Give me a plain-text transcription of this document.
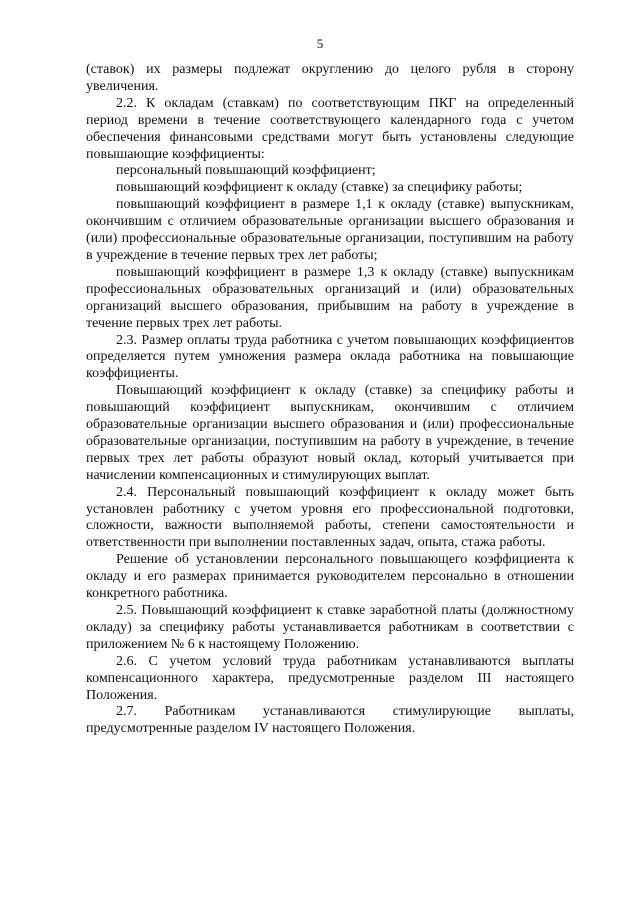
5

(ставок) их размеры подлежат округлению до целого рубля в сторону увеличения.

2.2. К окладам (ставкам) по соответствующим ПКГ на определенный период времени в течение соответствующего календарного года с учетом обеспечения финансовыми средствами могут быть установлены следующие повышающие коэффициенты:

персональный повышающий коэффициент;

повышающий коэффициент к окладу (ставке) за специфику работы;

повышающий коэффициент в размере 1,1 к окладу (ставке) выпускникам, окончившим с отличием образовательные организации высшего образования и (или) профессиональные образовательные организации, поступившим на работу в учреждение в течение первых трех лет работы;

повышающий коэффициент в размере 1,3 к окладу (ставке) выпускникам профессиональных образовательных организаций и (или) образовательных организаций высшего образования, прибывшим на работу в учреждение в течение первых трех лет работы.

2.3. Размер оплаты труда работника с учетом повышающих коэффициентов определяется путем умножения размера оклада работника на повышающие коэффициенты.

Повышающий коэффициент к окладу (ставке) за специфику работы и повышающий коэффициент выпускникам, окончившим с отличием образовательные организации высшего образования и (или) профессиональные образовательные организации, поступившим на работу в учреждение, в течение первых трех лет работы образуют новый оклад, который учитывается при начислении компенсационных и стимулирующих выплат.

2.4. Персональный повышающий коэффициент к окладу может быть установлен работнику с учетом уровня его профессиональной подготовки, сложности, важности выполняемой работы, степени самостоятельности и ответственности при выполнении поставленных задач, опыта, стажа работы.

Решение об установлении персонального повышающего коэффициента к окладу и его размерах принимается руководителем персонально в отношении конкретного работника.

2.5. Повышающий коэффициент к ставке заработной платы (должностному окладу) за специфику работы устанавливается работникам в соответствии с приложением № 6 к настоящему Положению.

2.6. С учетом условий труда работникам устанавливаются выплаты компенсационного характера, предусмотренные разделом III настоящего Положения.

2.7. Работникам устанавливаются стимулирующие выплаты, предусмотренные разделом IV настоящего Положения.
